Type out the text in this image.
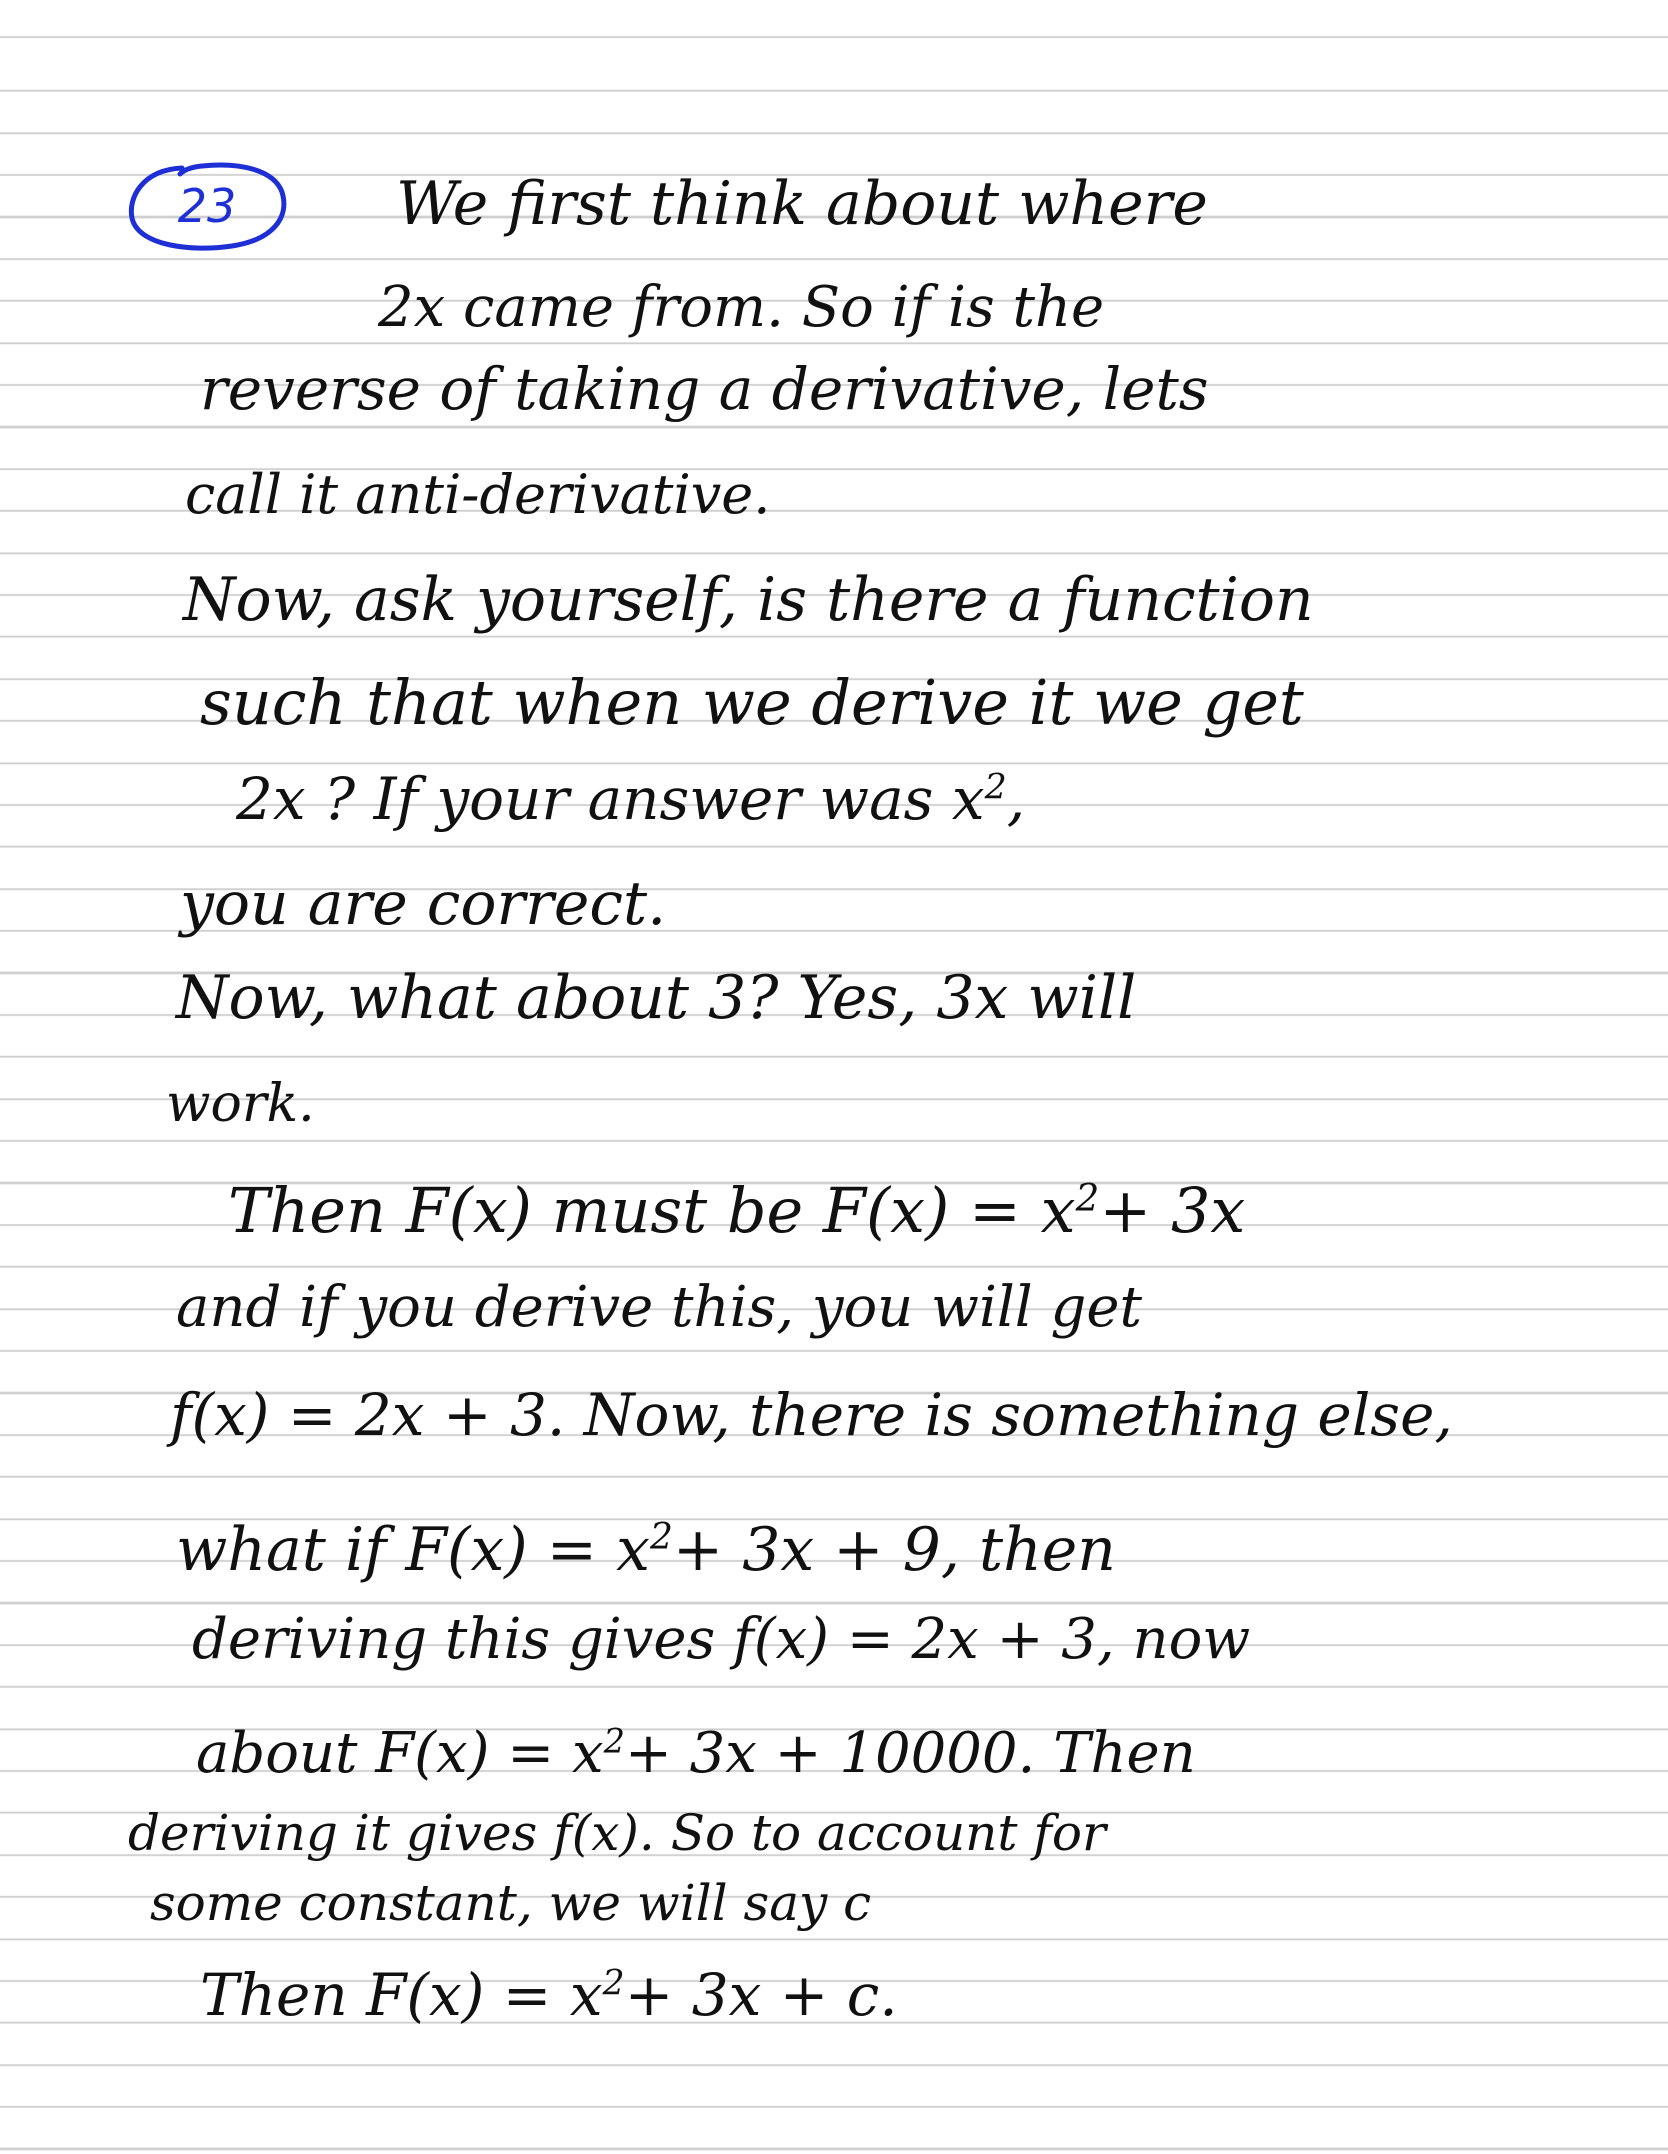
23	We first think about where
2x came from. So if is the
reverse of taking a derivative, lets
call it anti-derivative.
Now, ask yourself, is there a function
such that when we derive it we get
2x ? If your answer was $x^2$,
you are correct.
Now, what about 3? Yes, 3x will
work.
Then F(x) must be $F(x) = x^2+ 3x$
and if you derive this, you will get
f(x) = 2x + 3. Now, there is something else,
what if $F(x) = x^2+ 3x + 9$, then
deriving this gives f(x) = 2x + 3, now
about $F(x) = x^2+ 3x + 10000$. Then
deriving it gives f(x). So to account for
some constant, we will say c
Then $F(x) = x^2+ 3x + c$.
